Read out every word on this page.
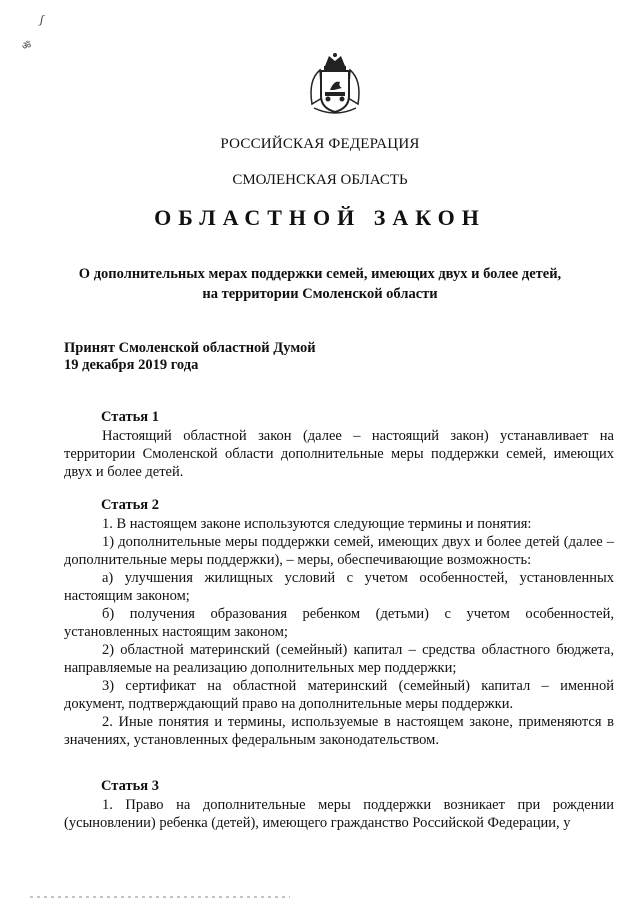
ʃ
ॐ
РОССИЙСКАЯ ФЕДЕРАЦИЯ
СМОЛЕНСКАЯ ОБЛАСТЬ
ОБЛАСТНОЙ ЗАКОН
О дополнительных мерах поддержки семей, имеющих двух и более детей,
на территории Смоленской области
Принят Смоленской областной Думой
19 декабря 2019 года
Статья 1

Настоящий областной закон (далее – настоящий закон) устанавливает на территории Смоленской области дополнительные меры поддержки семей, имеющих двух и более детей.

Статья 2

1. В настоящем законе используются следующие термины и понятия:

1) дополнительные меры поддержки семей, имеющих двух и более детей (далее – дополнительные меры поддержки), – меры, обеспечивающие возможность:

а) улучшения жилищных условий с учетом особенностей, установленных настоящим законом;

б) получения образования ребенком (детьми) с учетом особенностей, установленных настоящим законом;

2) областной материнский (семейный) капитал – средства областного бюджета, направляемые на реализацию дополнительных мер поддержки;

3) сертификат на областной материнский (семейный) капитал – именной документ, подтверждающий право на дополнительные меры поддержки.

2. Иные понятия и термины, используемые в настоящем законе, применяются в значениях, установленных федеральным законодательством.

Статья 3

1. Право на дополнительные меры поддержки возникает при рождении (усыновлении) ребенка (детей), имеющего гражданство Российской Федерации, у
